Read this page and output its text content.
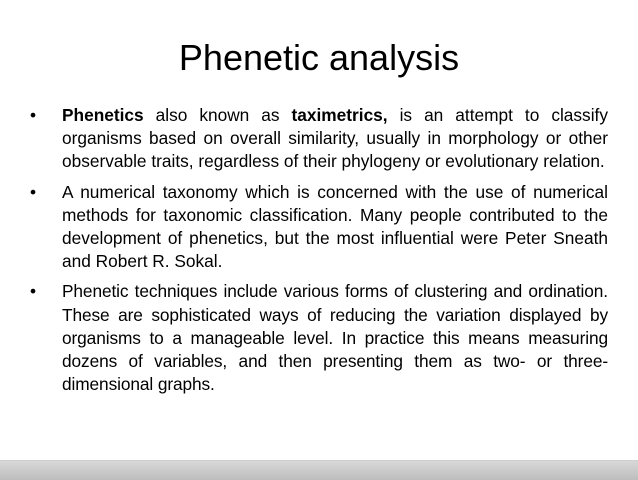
Phenetic analysis
•	Phenetics also known as taximetrics, is an attempt to classify organisms based on overall similarity, usually in morphology or other observable traits, regardless of their phylogeny or evolutionary relation.
•	A numerical taxonomy which is concerned with the use of numerical methods for taxonomic classification. Many people contributed to the development of phenetics, but the most influential were Peter Sneath and Robert R. Sokal.
•	Phenetic techniques include various forms of clustering and ordination. These are sophisticated ways of reducing the variation displayed by organisms to a manageable level. In practice this means measuring dozens of variables, and then presenting them as two- or three-dimensional graphs.
